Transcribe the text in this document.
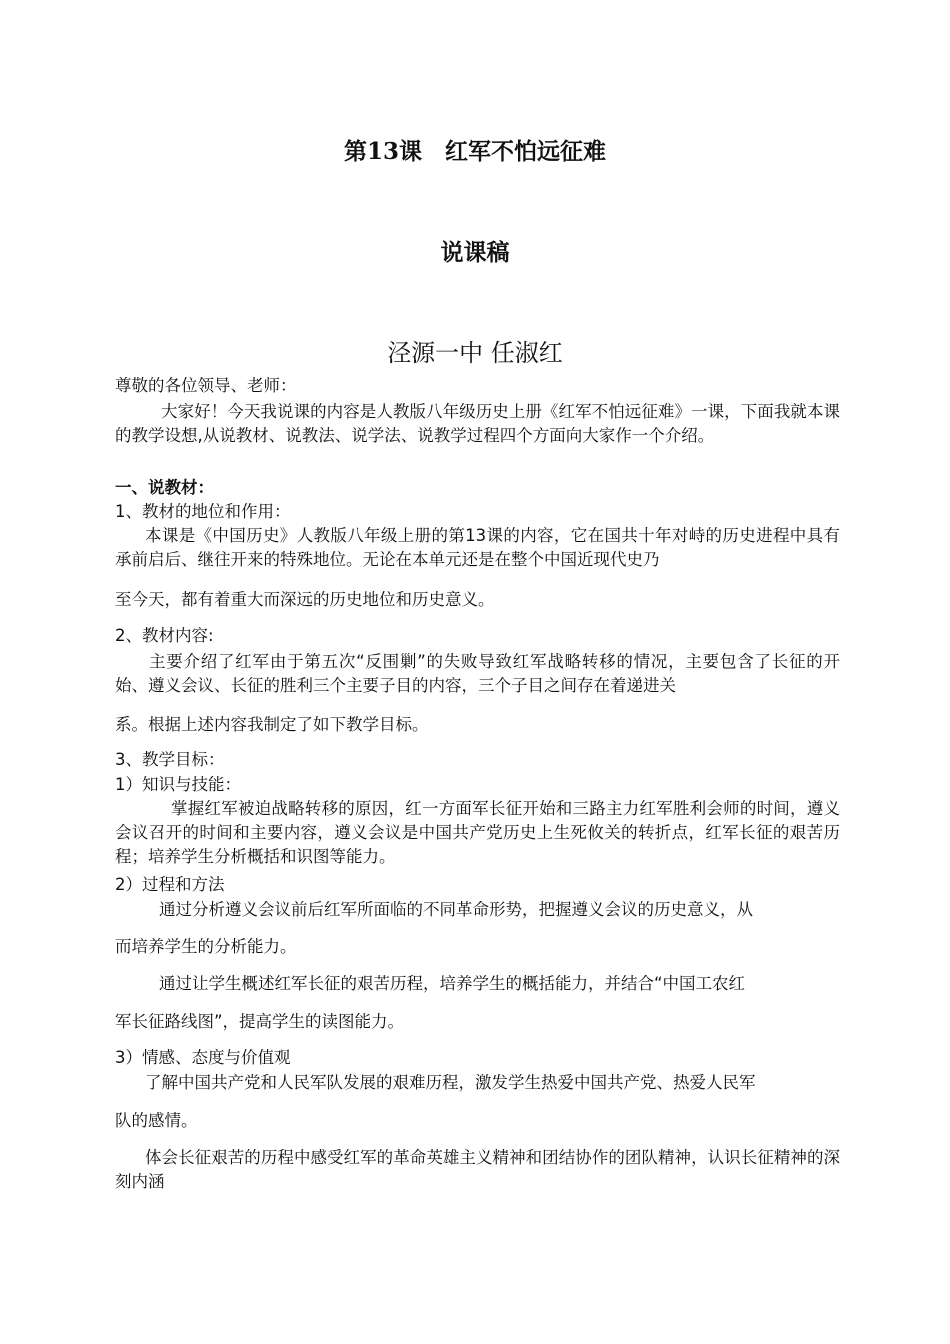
第13课　红军不怕远征难
说课稿
泾源一中 任淑红
尊敬的各位领导、老师：
大家好！今天我说课的内容是人教版八年级历史上册《红军不怕远征难》一课，下面我就本课的教学设想,从说教材、说教法、说学法、说教学过程四个方面向大家作一个介绍。
一、说教材：
1、教材的地位和作用：
本课是《中国历史》人教版八年级上册的第13课的内容，它在国共十年对峙的历史进程中具有承前启后、继往开来的特殊地位。无论在本单元还是在整个中国近现代史乃
至今天，都有着重大而深远的历史地位和历史意义。
2、教材内容:
主要介绍了红军由于第五次“反围剿”的失败导致红军战略转移的情况，主要包含了长征的开始、遵义会议、长征的胜利三个主要子目的内容，三个子目之间存在着递进关
系。根据上述内容我制定了如下教学目标。
3、教学目标：
1）知识与技能：
掌握红军被迫战略转移的原因，红一方面军长征开始和三路主力红军胜利会师的时间，遵义会议召开的时间和主要内容，遵义会议是中国共产党历史上生死攸关的转折点，红军长征的艰苦历程；培养学生分析概括和识图等能力。
2）过程和方法
通过分析遵义会议前后红军所面临的不同革命形势，把握遵义会议的历史意义，从
而培养学生的分析能力。
通过让学生概述红军长征的艰苦历程，培养学生的概括能力，并结合“中国工农红
军长征路线图”，提高学生的读图能力。
3）情感、态度与价值观
了解中国共产党和人民军队发展的艰难历程，激发学生热爱中国共产党、热爱人民军
队的感情。
体会长征艰苦的历程中感受红军的革命英雄主义精神和团结协作的团队精神，认识长征精神的深刻内涵
